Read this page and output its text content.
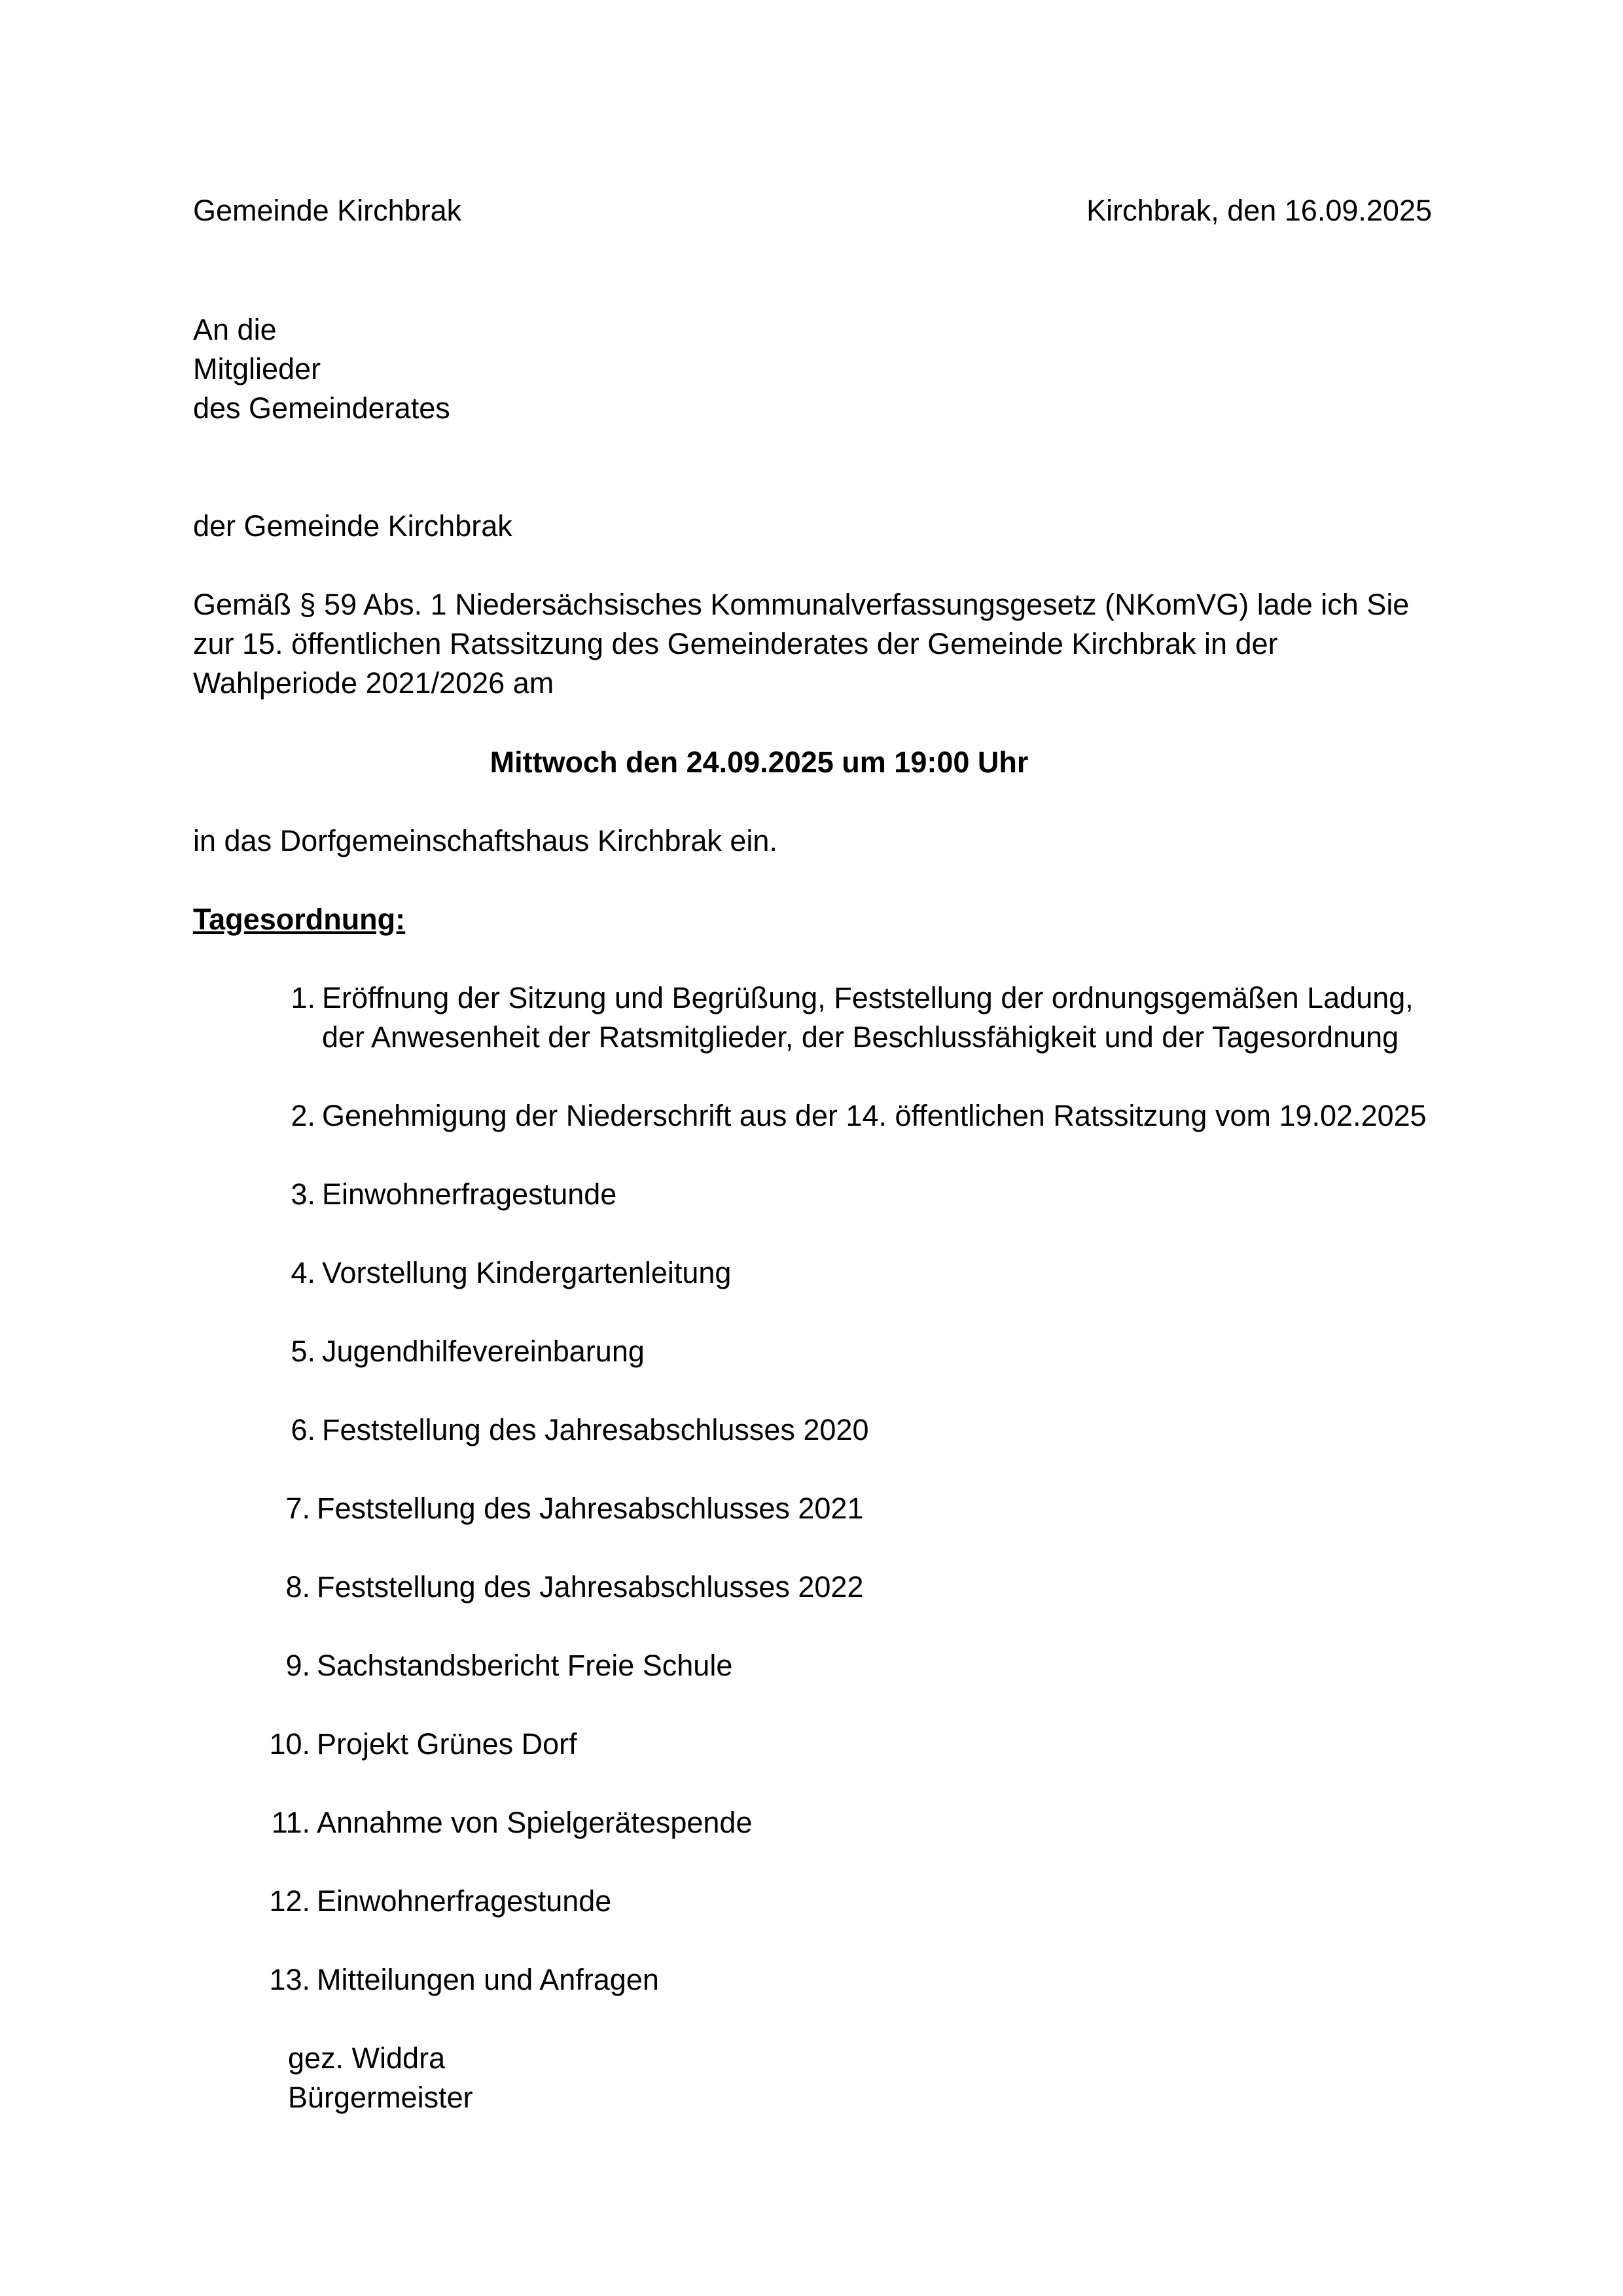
Gemeinde Kirchbrak	Kirchbrak, den 16.09.2025
An die
Mitglieder
des Gemeinderates
der Gemeinde Kirchbrak
Gemäß § 59 Abs. 1 Niedersächsisches Kommunalverfassungsgesetz (NKomVG) lade ich Sie
zur 15. öffentlichen Ratssitzung des Gemeinderates der Gemeinde Kirchbrak in der
Wahlperiode 2021/2026 am
Mittwoch den 24.09.2025 um 19:00 Uhr
in das Dorfgemeinschaftshaus Kirchbrak ein.
Tagesordnung:
1. Eröffnung der Sitzung und Begrüßung, Feststellung der ordnungsgemäßen Ladung,
der Anwesenheit der Ratsmitglieder, der Beschlussfähigkeit und der Tagesordnung
2. Genehmigung der Niederschrift aus der 14. öffentlichen Ratssitzung vom 19.02.2025
3. Einwohnerfragestunde
4. Vorstellung Kindergartenleitung
5. Jugendhilfevereinbarung
6. Feststellung des Jahresabschlusses 2020
7. Feststellung des Jahresabschlusses 2021
8. Feststellung des Jahresabschlusses 2022
9. Sachstandsbericht Freie Schule
10. Projekt Grünes Dorf
11. Annahme von Spielgerätespende
12. Einwohnerfragestunde
13. Mitteilungen und Anfragen
gez. Widdra
Bürgermeister
